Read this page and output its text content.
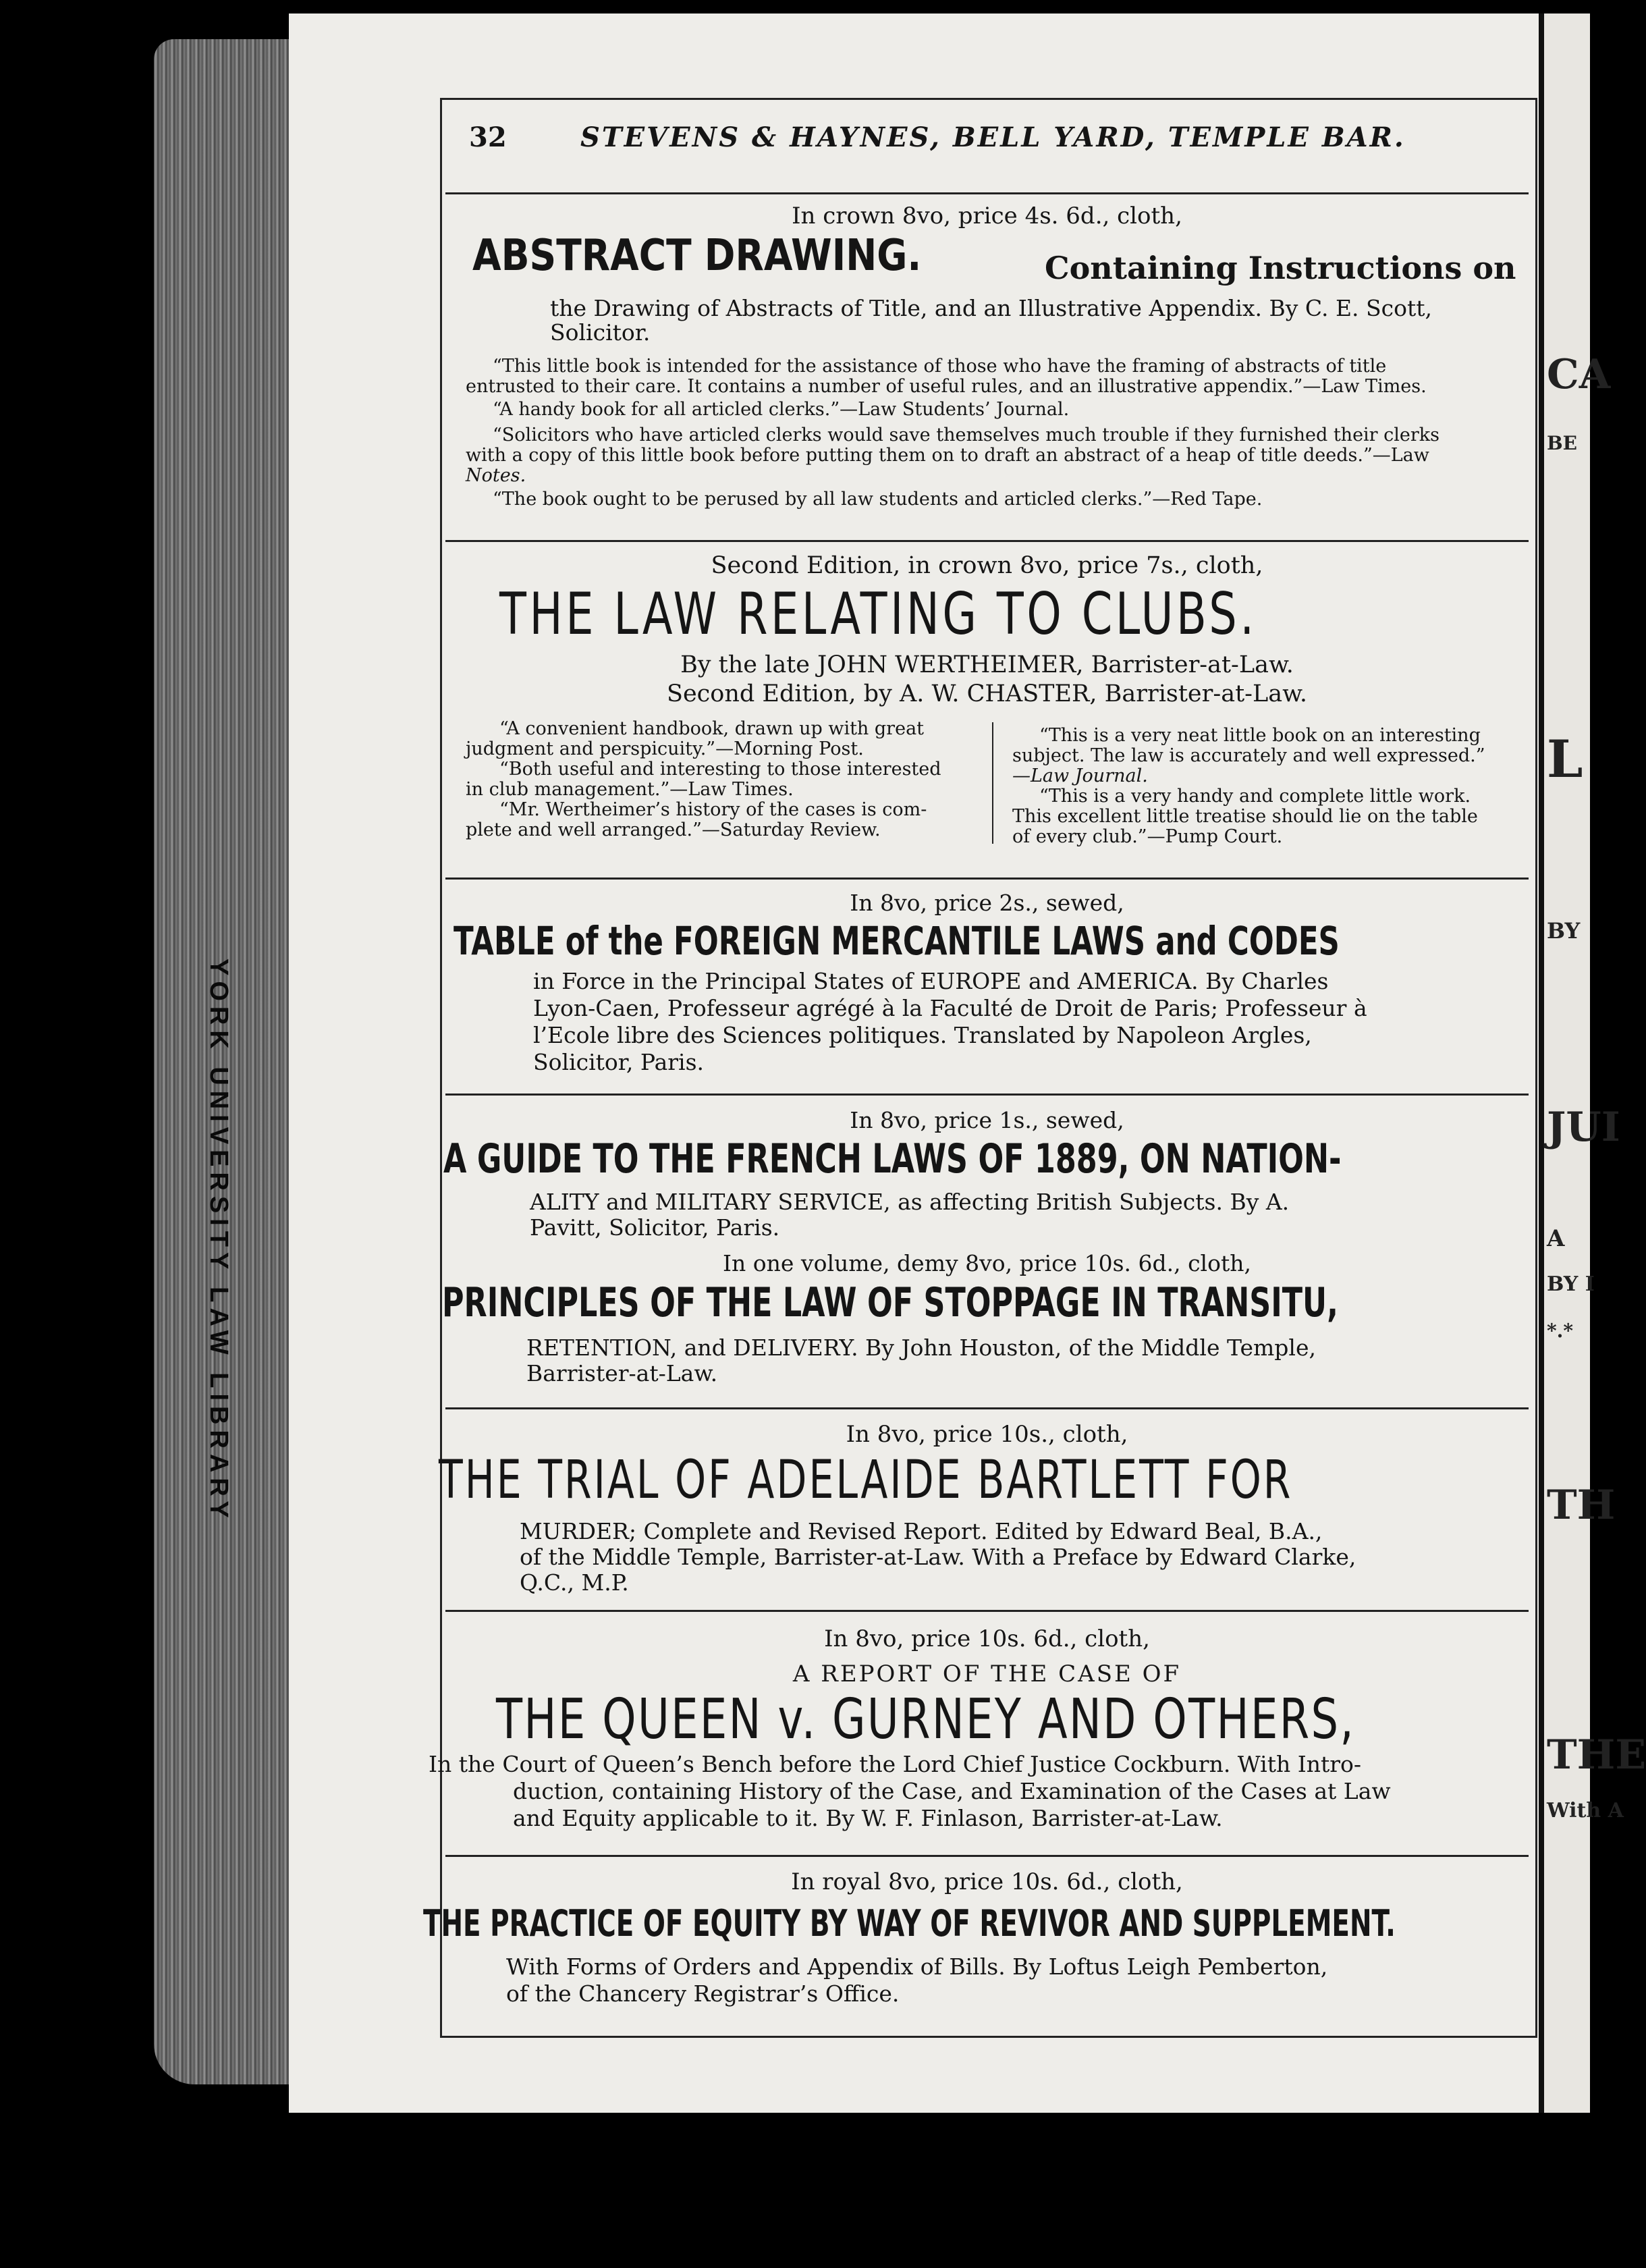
YORK UNIVERSITY LAW LIBRARY
CA
BE
L
BY
JUI
A
BY I
*.*
TH
THE
With A
32	STEVENS & HAYNES, BELL YARD, TEMPLE BAR.
In crown 8vo, price 4s. 6d., cloth,
ABSTRACT DRAWING.	Containing Instructions on
the Drawing of Abstracts of Title, and an Illustrative Appendix. By C. E. Scott,
Solicitor.
“This little book is intended for the assistance of those who have the framing of abstracts of title
entrusted to their care. It contains a number of useful rules, and an illustrative appendix.”—Law Times.
“A handy book for all articled clerks.”—Law Students’ Journal.
“Solicitors who have articled clerks would save themselves much trouble if they furnished their clerks
with a copy of this little book before putting them on to draft an abstract of a heap of title deeds.”—Law
Notes.
“The book ought to be perused by all law students and articled clerks.”—Red Tape.
Second Edition, in crown 8vo, price 7s., cloth,
THE LAW RELATING TO CLUBS.
By the late JOHN WERTHEIMER, Barrister-at-Law.
Second Edition, by A. W. CHASTER, Barrister-at-Law.
“A convenient handbook, drawn up with great
judgment and perspicuity.”—Morning Post.
“Both useful and interesting to those interested
in club management.”—Law Times.
“Mr. Wertheimer’s history of the cases is com-
plete and well arranged.”—Saturday Review.
“This is a very neat little book on an interesting
subject. The law is accurately and well expressed.”
—Law Journal.
“This is a very handy and complete little work.
This excellent little treatise should lie on the table
of every club.”—Pump Court.
In 8vo, price 2s., sewed,
TABLE of the FOREIGN MERCANTILE LAWS and CODES
in Force in the Principal States of EUROPE and AMERICA. By Charles
Lyon-Caen, Professeur agrégé à la Faculté de Droit de Paris; Professeur à
l’Ecole libre des Sciences politiques. Translated by Napoleon Argles,
Solicitor, Paris.
In 8vo, price 1s., sewed,
A GUIDE TO THE FRENCH LAWS OF 1889, ON NATION-
ALITY and MILITARY SERVICE, as affecting British Subjects. By A.
Pavitt, Solicitor, Paris.
In one volume, demy 8vo, price 10s. 6d., cloth,
PRINCIPLES OF THE LAW OF STOPPAGE IN TRANSITU,
RETENTION, and DELIVERY. By John Houston, of the Middle Temple,
Barrister-at-Law.
In 8vo, price 10s., cloth,
THE TRIAL OF ADELAIDE BARTLETT FOR
MURDER; Complete and Revised Report. Edited by Edward Beal, B.A.,
of the Middle Temple, Barrister-at-Law. With a Preface by Edward Clarke,
Q.C., M.P.
In 8vo, price 10s. 6d., cloth,
A REPORT OF THE CASE OF
THE QUEEN v. GURNEY AND OTHERS,
In the Court of Queen’s Bench before the Lord Chief Justice Cockburn. With Intro-
duction, containing History of the Case, and Examination of the Cases at Law
and Equity applicable to it. By W. F. Finlason, Barrister-at-Law.
In royal 8vo, price 10s. 6d., cloth,
THE PRACTICE OF EQUITY BY WAY OF REVIVOR AND SUPPLEMENT.
With Forms of Orders and Appendix of Bills. By Loftus Leigh Pemberton,
of the Chancery Registrar’s Office.
